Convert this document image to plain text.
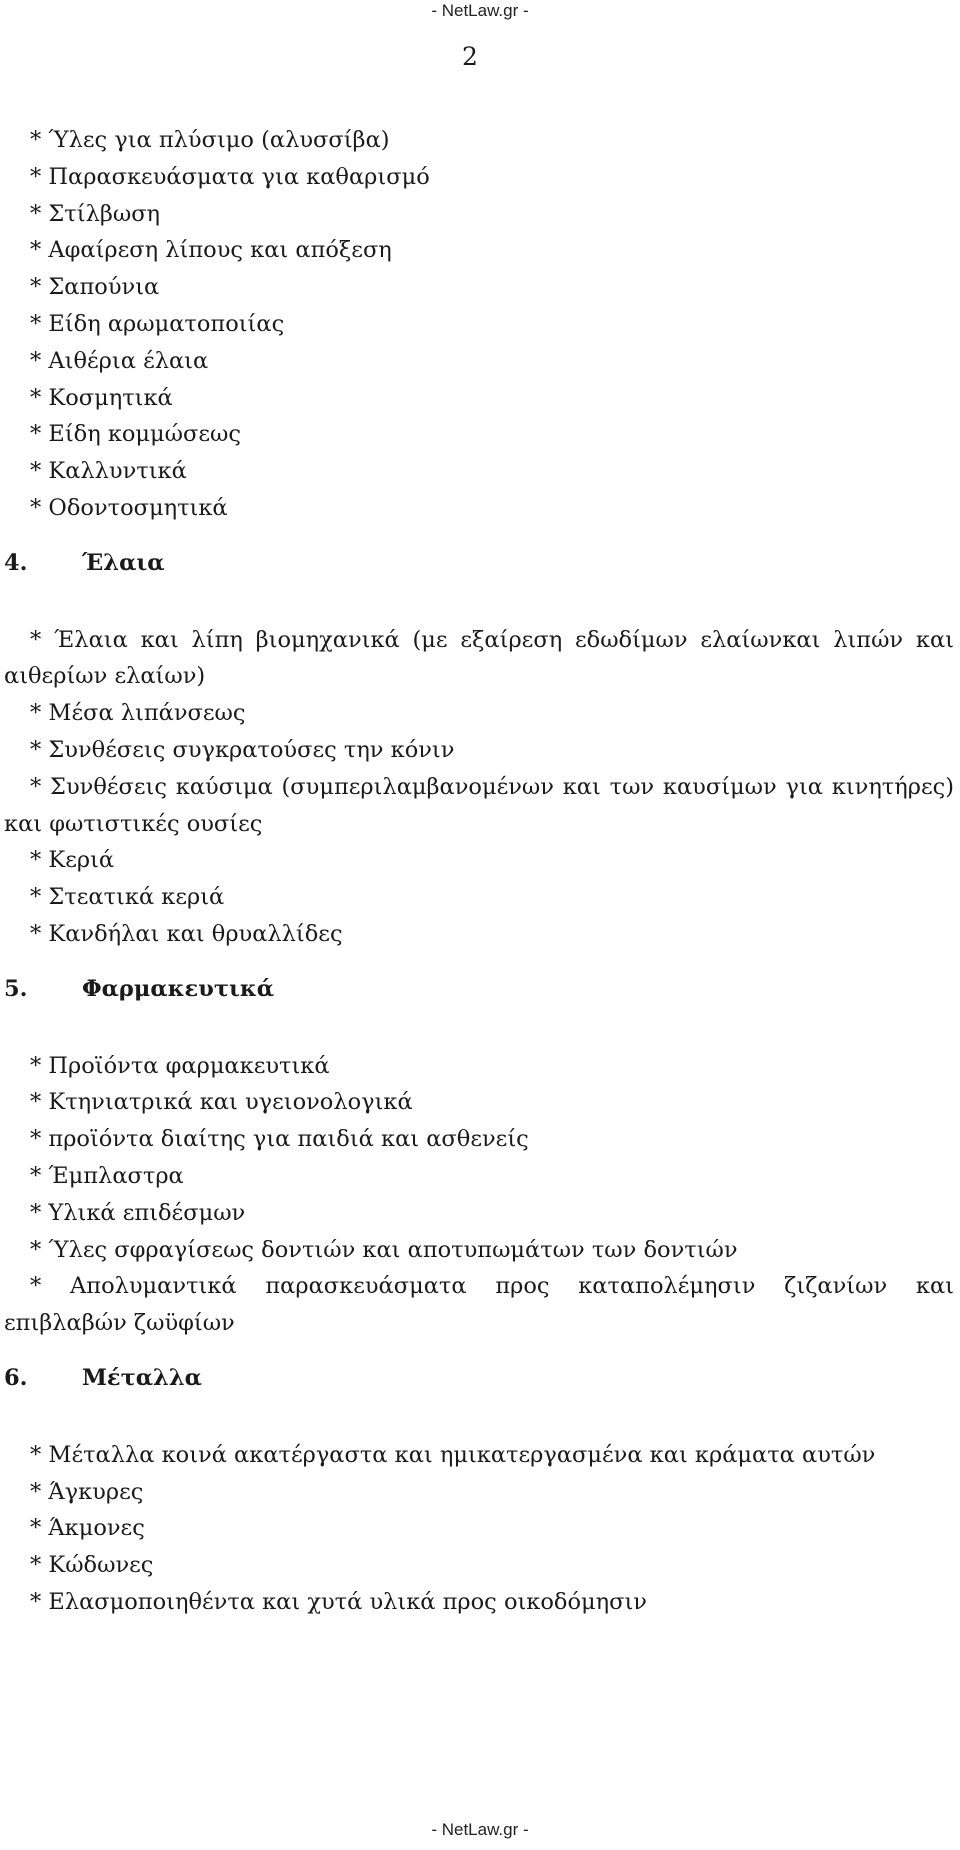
- NetLaw.gr -
2
* Ύλες για πλύσιμο (αλυσσίβα)
* Παρασκευάσματα για καθαρισμό
* Στίλβωση
* Αφαίρεση λίπους και απόξεση
* Σαπούνια
* Είδη αρωματοποιίας
* Αιθέρια έλαια
* Κοσμητικά
* Είδη κομμώσεως
* Καλλυντικά
* Οδοντοσμητικά
4. Έλαια
* Έλαια και λίπη βιομηχανικά (με εξαίρεση εδωδίμων ελαίωνκαι λιπών και αιθερίων ελαίων)
* Μέσα λιπάνσεως
* Συνθέσεις συγκρατούσες την κόνιν
* Συνθέσεις καύσιμα (συμπεριλαμβανομένων και των καυσίμων για κινητήρες) και φωτιστικές ουσίες
* Κεριά
* Στεατικά κεριά
* Κανδήλαι και θρυαλλίδες
5. Φαρμακευτικά
* Προϊόντα φαρμακευτικά
* Κτηνιατρικά και υγειονολογικά
* προϊόντα διαίτης για παιδιά και ασθενείς
* Έμπλαστρα
* Υλικά επιδέσμων
* Ύλες σφραγίσεως δοντιών και αποτυπωμάτων των δοντιών
* Απολυμαντικά παρασκευάσματα προς καταπολέμησιν ζιζανίων και επιβλαβών ζωϋφίων
6. Μέταλλα
* Μέταλλα κοινά ακατέργαστα και ημικατεργασμένα και κράματα αυτών
* Άγκυρες
* Άκμονες
* Κώδωνες
* Ελασμοποιηθέντα και χυτά υλικά προς οικοδόμησιν
- NetLaw.gr -
